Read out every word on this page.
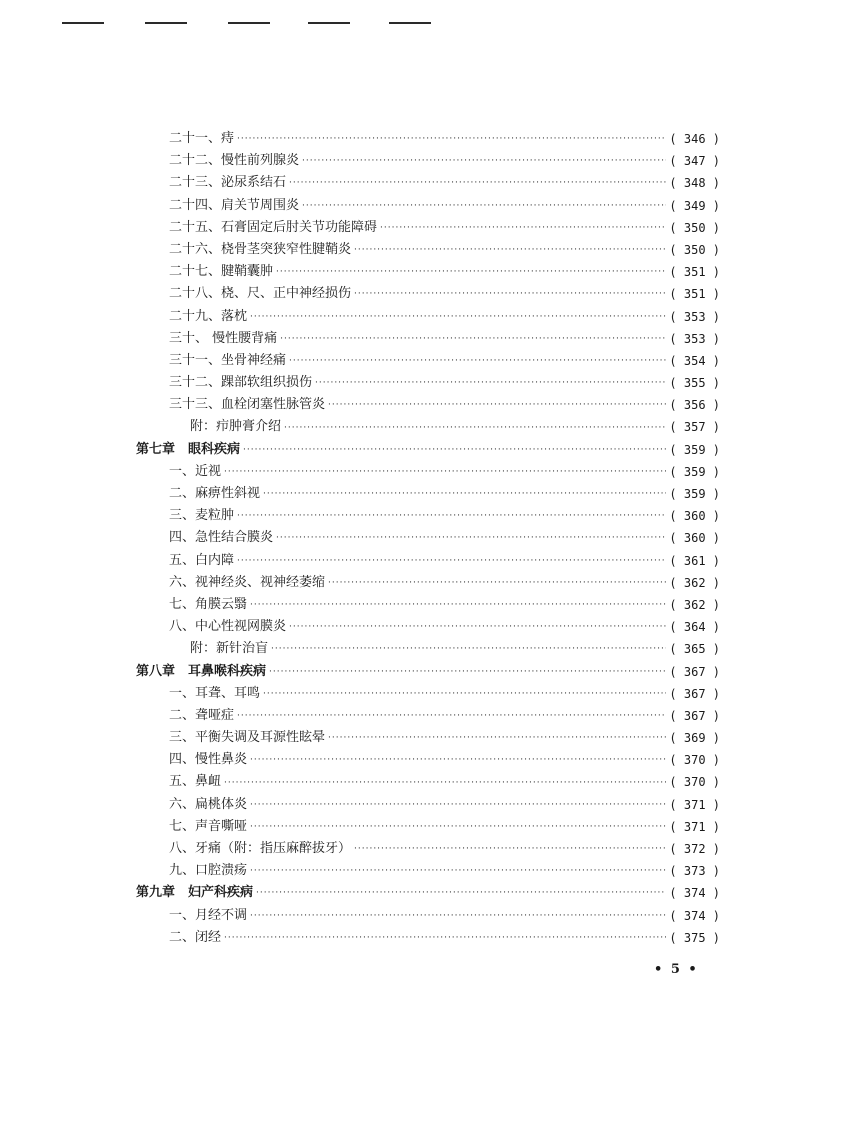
二十一、痔 ·····	( 346 )
二十二、慢性前列腺炎 ·····	( 347 )
二十三、泌尿系结石 ·····	( 348 )
二十四、肩关节周围炎 ·····	( 349 )
二十五、石膏固定后肘关节功能障碍 ·····	( 350 )
二十六、桡骨茎突狭窄性腱鞘炎 ·····	( 350 )
二十七、腱鞘囊肿 ·····	( 351 )
二十八、桡、尺、正中神经损伤 ·····	( 351 )
二十九、落枕 ·····	( 353 )
三十、 慢性腰背痛 ·····	( 353 )
三十一、坐骨神经痛 ·····	( 354 )
三十二、踝部软组织损伤 ·····	( 355 )
三十三、血栓闭塞性脉管炎 ·····	( 356 )
附：疖肿膏介绍 ·····	( 357 )
第七章　眼科疾病 ·····	( 359 )
一、近视 ·····	( 359 )
二、麻痹性斜视 ·····	( 359 )
三、麦粒肿 ·····	( 360 )
四、急性结合膜炎 ·····	( 360 )
五、白内障 ·····	( 361 )
六、视神经炎、视神经萎缩 ·····	( 362 )
七、角膜云翳 ·····	( 362 )
八、中心性视网膜炎 ·····	( 364 )
附：新针治盲 ·····	( 365 )
第八章　耳鼻喉科疾病 ·····	( 367 )
一、耳聋、耳鸣 ·····	( 367 )
二、聋哑症 ·····	( 367 )
三、平衡失调及耳源性眩晕 ·····	( 369 )
四、慢性鼻炎 ·····	( 370 )
五、鼻衄 ·····	( 370 )
六、扁桃体炎 ·····	( 371 )
七、声音嘶哑 ·····	( 371 )
八、牙痛（附：指压麻醉拔牙） ·····	( 372 )
九、口腔溃疡 ·····	( 373 )
第九章　妇产科疾病 ·····	( 374 )
一、月经不调 ·····	( 374 )
二、闭经 ·····	( 375 )
• 5 •
